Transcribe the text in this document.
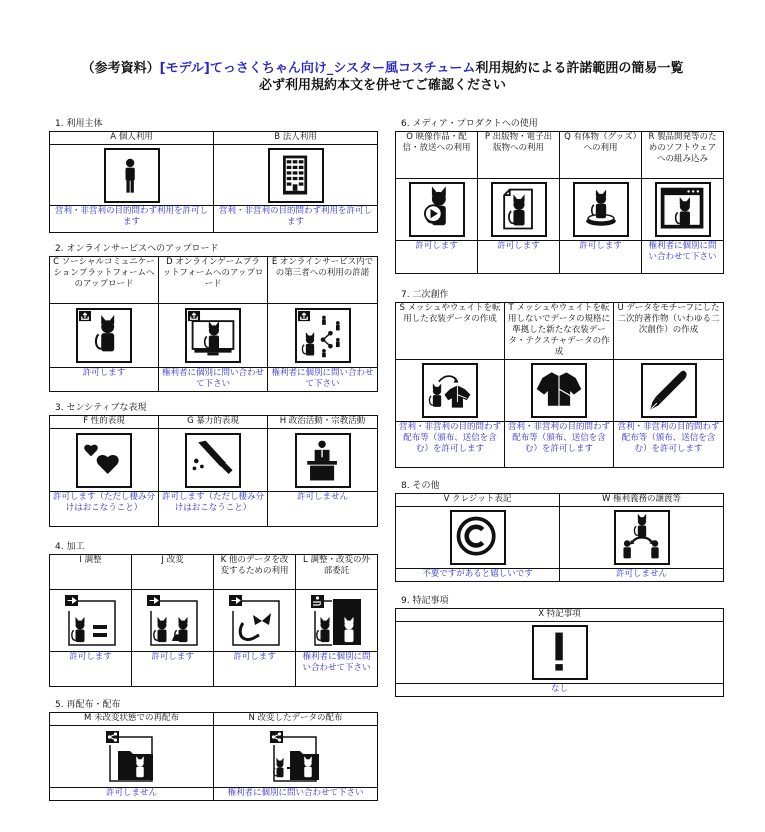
（参考資料）[モデル]てっさくちゃん向け_シスター風コスチューム利用規約による許諾範囲の簡易一覧
必ず利用規約本文を併せてご確認ください
1. 利用主体
A 個人利用	B 法人利用

営利・非営利の目的問わず利用を許可します	営利・非営利の目的問わず利用を許可します
2. オンラインサービスへのアップロード
C ソーシャルコミュニケーションプラットフォームへのアップロード	D オンラインゲームプラットフォームへのアップロード	E オンラインサービス内での第三者への利用の許諾

許可します	権利者に個別に問い合わせて下さい	権利者に個別に問い合わせて下さい
3. センシティブな表現
F 性的表現	G 暴力的表現	H 政治活動・宗教活動

許可します（ただし棲み分けはおこなうこと）	許可します（ただし棲み分けはおこなうこと）	許可しません
4. 加工
I 調整	J 改変	K 他のデータを改変するための利用	L 調整・改変の外部委託

許可します	許可します	許可します	権利者に個別に問い合わせて下さい
5. 再配布・配布
M 未改変状態での再配布	N 改変したデータの配布

許可しません	権利者に個別に問い合わせて下さい
6. メディア・プロダクトへの使用
O 映像作品・配信・放送への利用	P 出版物・電子出版物への利用	Q 有体物（グッズ）への利用	R 製品開発等のためのソフトウェアへの組み込み

許可します	許可します	許可します	権利者に個別に問い合わせて下さい
7. 二次創作
S メッシュやウェイトを転用した衣装データの作成	T メッシュやウェイトを転用しないでデータの規格に準拠した新たな衣装データ・テクスチャデータの作成	U データをモチーフにした二次的著作物（いわゆる二次創作）の作成

営利・非営利の目的問わず配布等（頒布、送信を含む）を許可します	営利・非営利の目的問わず配布等（頒布、送信を含む）を許可します	営利・非営利の目的問わず配布等（頒布、送信を含む）を許可します
8. その他
V クレジット表記	W 権利義務の譲渡等

不要ですがあると嬉しいです	許可しません
9. 特記事項
X 特記事項

なし
